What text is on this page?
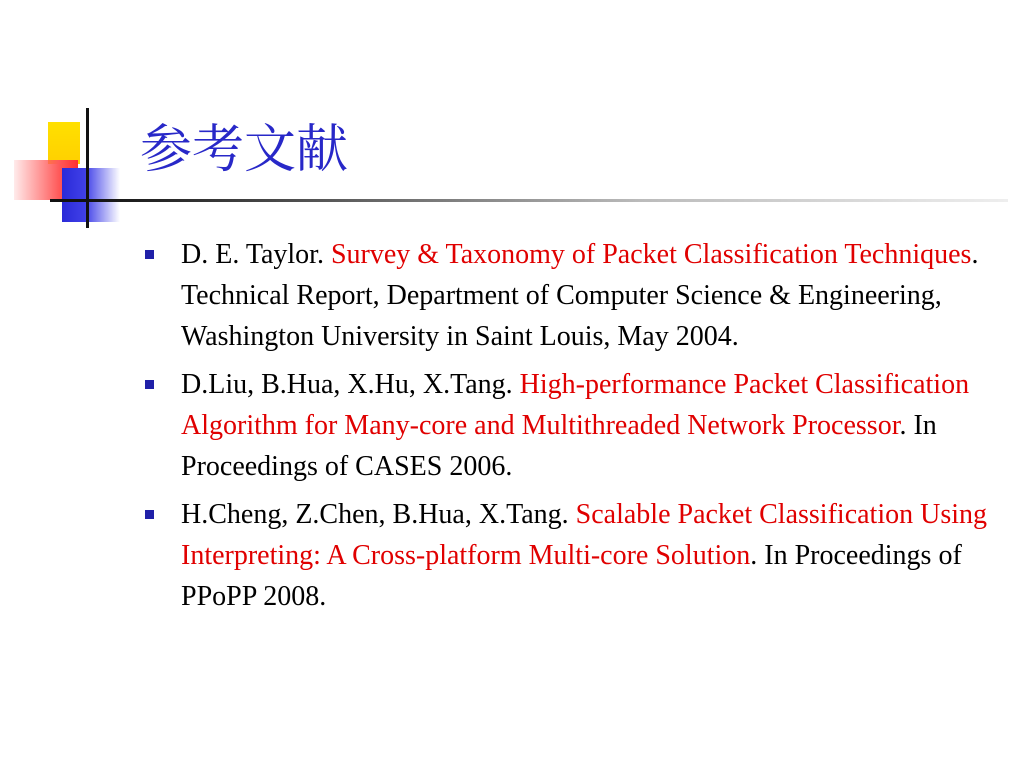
参考文献
D. E. Taylor. Survey & Taxonomy of Packet Classification Techniques. Technical Report, Department of Computer Science & Engineering, Washington University in Saint Louis, May 2004.
D.Liu, B.Hua, X.Hu, X.Tang. High-performance Packet Classification Algorithm for Many-core and Multithreaded Network Processor. In Proceedings of CASES 2006.
H.Cheng, Z.Chen, B.Hua, X.Tang. Scalable Packet Classification Using Interpreting: A Cross-platform Multi-core Solution. In Proceedings of PPoPP 2008.
